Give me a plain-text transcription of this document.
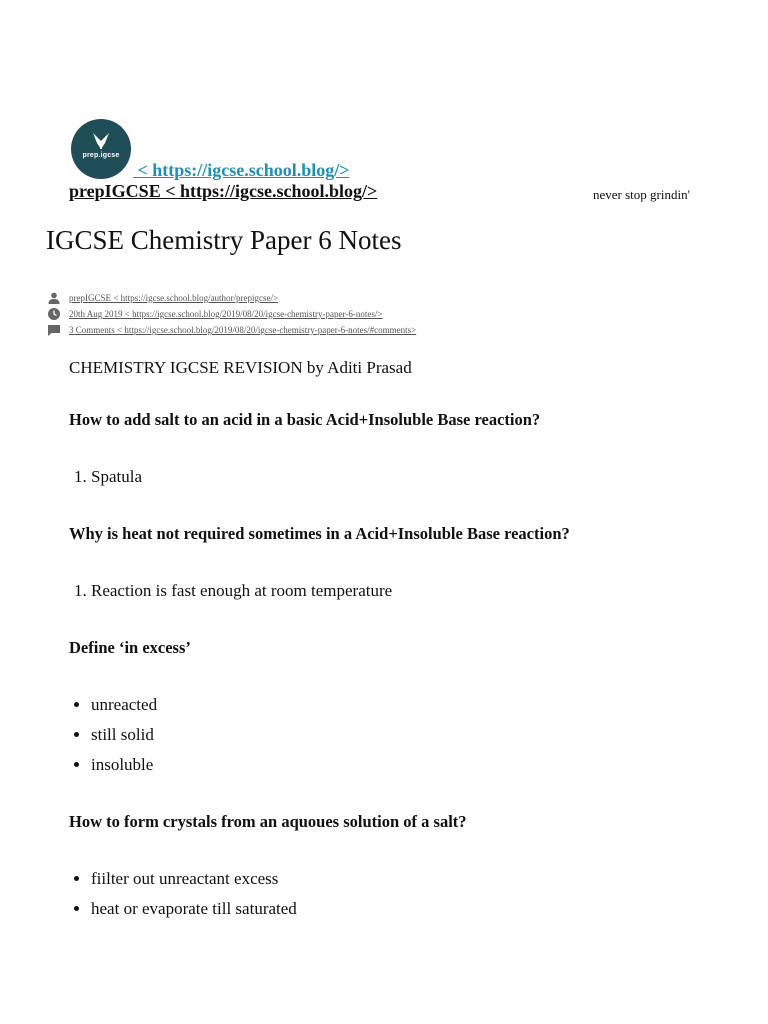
prep.igcse
< https://igcse.school.blog/>
prepIGCSE < https://igcse.school.blog/>	never stop grindin'
IGCSE Chemistry Paper 6 Notes
prepIGCSE < https://igcse.school.blog/author/prepigcse/>
20th Aug 2019 < https://igcse.school.blog/2019/08/20/igcse-chemistry-paper-6-notes/>
3 Comments < https://igcse.school.blog/2019/08/20/igcse-chemistry-paper-6-notes/#comments>

CHEMISTRY IGCSE REVISION by Aditi Prasad

How to add salt to an acid in a basic Acid+Insoluble Base reaction?

1. Spatula

Why is heat not required sometimes in a Acid+Insoluble Base reaction?

1. Reaction is fast enough at room temperature

Define ‘in excess’

• unreacted
• still solid
• insoluble

How to form crystals from an aquoues solution of a salt?

• fiilter out unreactant excess
• heat or evaporate till saturated
